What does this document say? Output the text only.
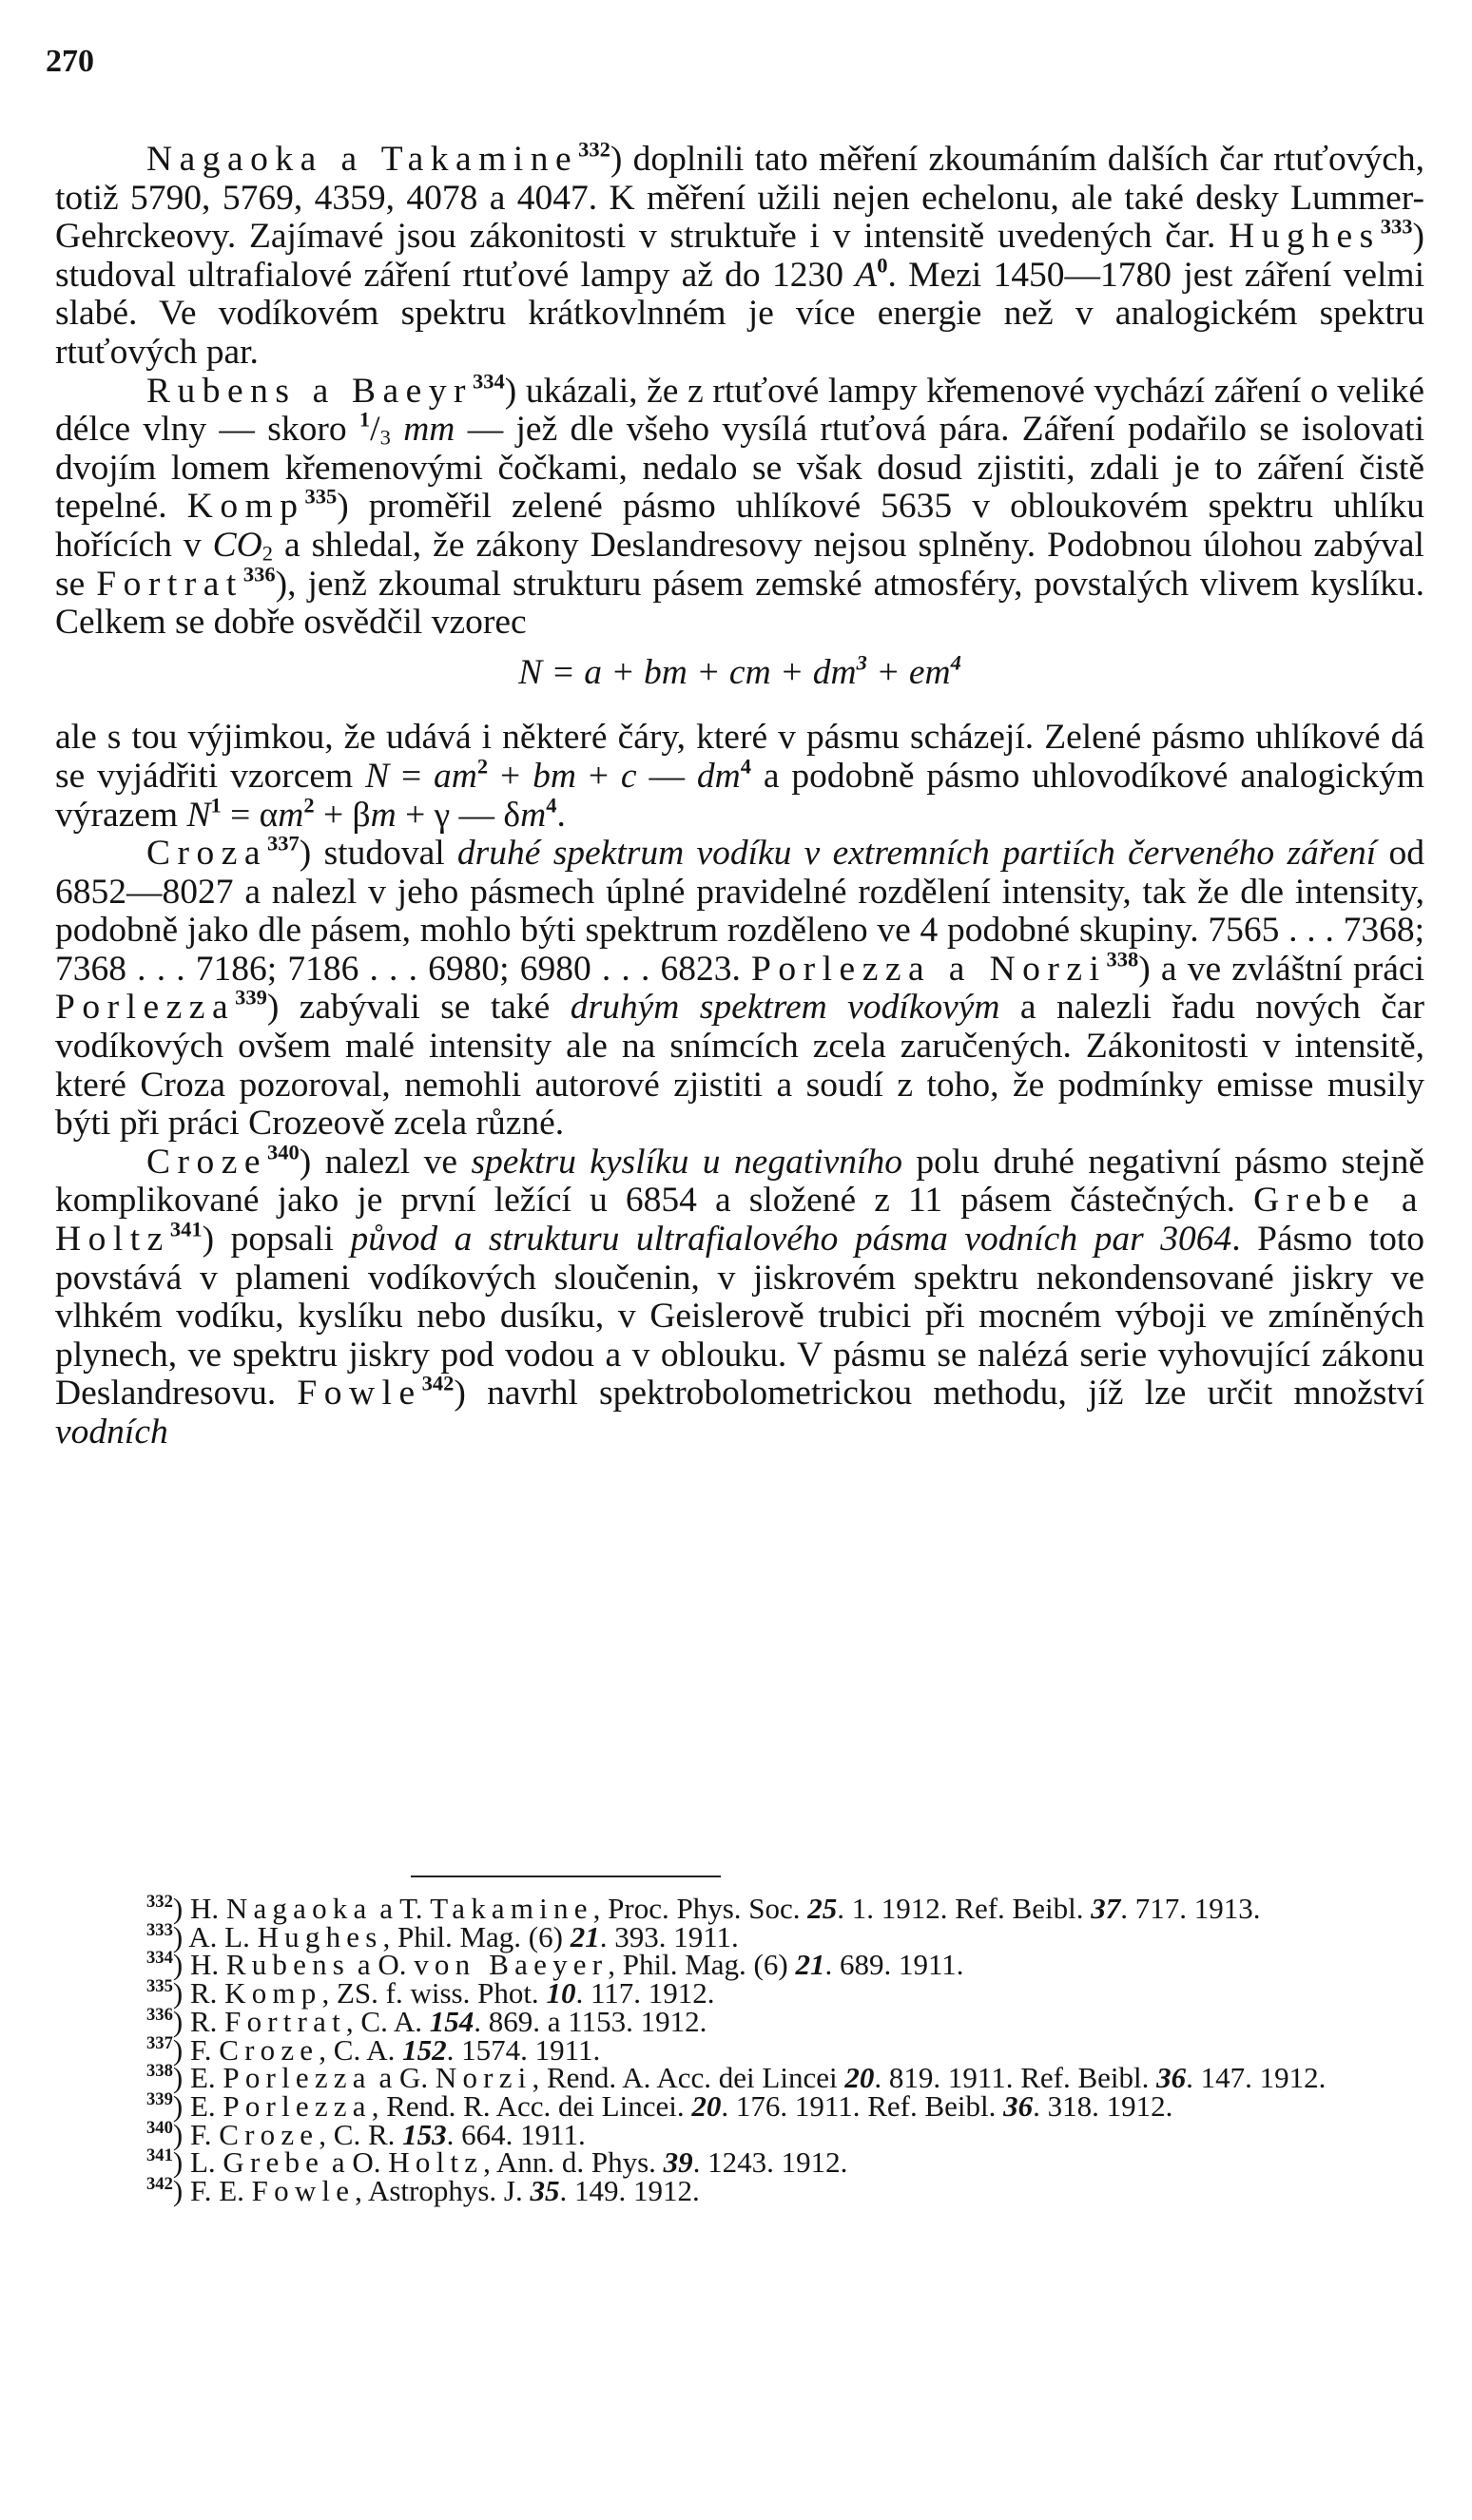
270

Nagaoka a Takamine$^{332}$) doplnili tato měření zkoumáním dalších čar rtuťových, totiž 5790, 5769, 4359, 4078 a 4047. K měření užili nejen echelonu, ale také desky Lummer-Gehrckeovy. Zajímavé jsou zákonitosti v struktuře i v intensitě uvedených čar. Hughes$^{333}$) studoval ultrafialové záření rtuťové lampy až do 1230 $A^0$. Mezi 1450—1780 jest záření velmi slabé. Ve vodíkovém spektru krátkovlnném je více energie než v analogickém spektru rtuťových par.

Rubens a Baeyr$^{334}$) ukázali, že z rtuťové lampy křemenové vychází záření o veliké délce vlny — skoro $^1/_3$ mm — jež dle všeho vysílá rtuťová pára. Záření podařilo se isolovati dvojím lomem křemenovými čočkami, nedalo se však dosud zjistiti, zdali je to záření čistě tepelné. Komp$^{335}$) proměřil zelené pásmo uhlíkové 5635 v obloukovém spektru uhlíku hořících v $CO_2$ a shledal, že zákony Deslandresovy nejsou splněny. Podobnou úlohou zabýval se Fortrat$^{336}$), jenž zkoumal strukturu pásem zemské atmosféry, povstalých vlivem kyslíku. Celkem se dobře osvědčil vzorec

N = a + bm + cm + $dm^3 + em^4$

ale s tou výjimkou, že udává i některé čáry, které v pásmu scházejí. Zelené pásmo uhlíkové dá se vyjádřiti vzorcem $N = am^2$ + bm + c — $dm^4$ a podobně pásmo uhlovodíkové analogickým výrazem $N^1 = \alpha m^2 + \beta m + \gamma$ — $\delta m^4$.

Croza$^{337}$) studoval druhé spektrum vodíku v extremních partiích červeného záření od 6852—8027 a nalezl v jeho pásmech úplné pravidelné rozdělení intensity, tak že dle intensity, podobně jako dle pásem, mohlo býti spektrum rozděleno ve 4 podobné skupiny. 7565 . . . 7368; 7368 . . . 7186; 7186 . . . 6980; 6980 . . . 6823. Porlezza a Norzi$^{338}$) a ve zvláštní práci Porlezza$^{339}$) zabývali se také druhým spektrem vodíkovým a nalezli řadu nových čar vodíkových ovšem malé intensity ale na snímcích zcela zaručených. Zákonitosti v intensitě, které Croza pozoroval, nemohli autorové zjistiti a soudí z toho, že podmínky emisse musily býti při práci Crozeově zcela různé.

Croze$^{340}$) nalezl ve spektru kyslíku u negativního polu druhé negativní pásmo stejně komplikované jako je první ležící u 6854 a složené z 11 pásem částečných. Grebe a Holtz$^{341}$) popsali původ a strukturu ultrafialového pásma vodních par 3064. Pásmo toto povstává v plameni vodíkových sloučenin, v jiskrovém spektru nekondensované jiskry ve vlhkém vodíku, kyslíku nebo dusíku, v Geislerově trubici při mocném výboji ve zmíněných plynech, ve spektru jiskry pod vodou a v oblouku. V pásmu se nalézá serie vyhovující zákonu Deslandresovu. Fowle$^{342}$) navrhl spektrobolometrickou methodu, jíž lze určit množství vodních

$^{332}$) H. Nagaoka a T. Takamine, Proc. Phys. Soc. 25. 1. 1912. Ref. Beibl. 37. 717. 1913.

$^{333}$) A. L. Hughes, Phil. Mag. (6) 21. 393. 1911.

$^{334}$) H. Rubens a O. von Baeyer, Phil. Mag. (6) 21. 689. 1911.

$^{335}$) R. Komp, ZS. f. wiss. Phot. 10. 117. 1912.

$^{336}$) R. Fortrat, C. A. 154. 869. a 1153. 1912.

$^{337}$) F. Croze, C. A. 152. 1574. 1911.

$^{338}$) E. Porlezza a G. Norzi, Rend. A. Acc. dei Lincei 20. 819. 1911. Ref. Beibl. 36. 147. 1912.

$^{339}$) E. Porlezza, Rend. R. Acc. dei Lincei. 20. 176. 1911. Ref. Beibl. 36. 318. 1912.

$^{340}$) F. Croze, C. R. 153. 664. 1911.

$^{341}$) L. Grebe a O. Holtz, Ann. d. Phys. 39. 1243. 1912.

$^{342}$) F. E. Fowle, Astrophys. J. 35. 149. 1912.
